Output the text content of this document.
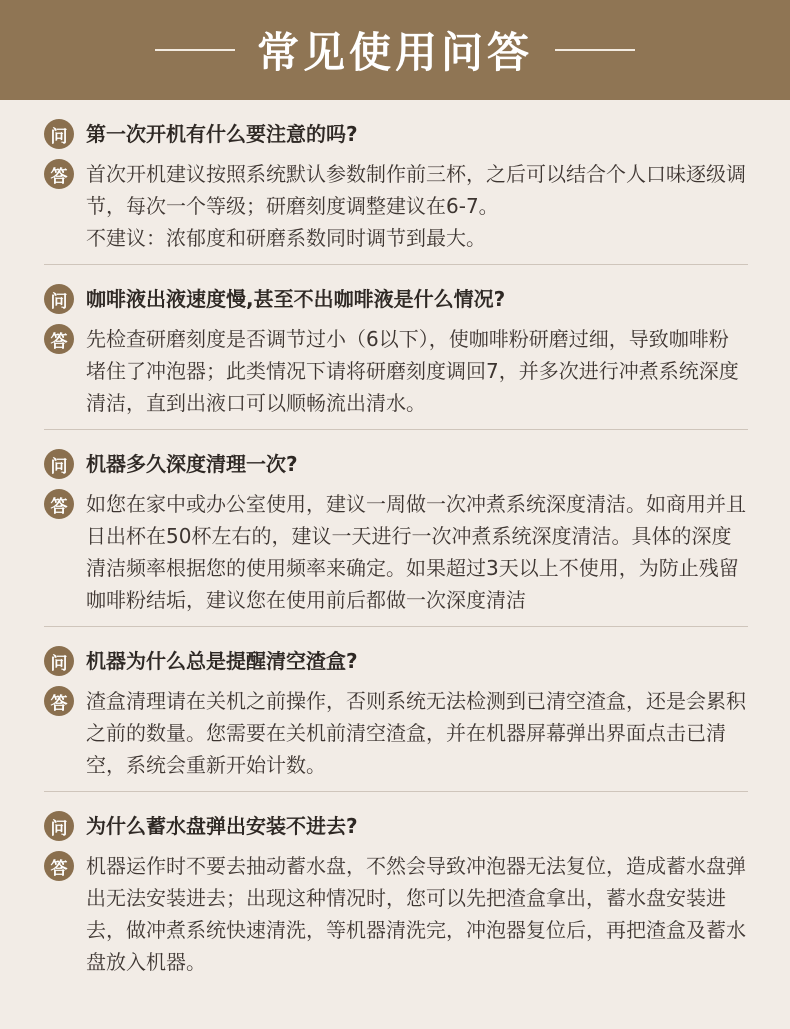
常见使用问答
问 第一次开机有什么要注意的吗?
答 首次开机建议按照系统默认参数制作前三杯，之后可以结合个人口味逐级调节，每次一个等级；研磨刻度调整建议在6-7。

不建议：浓郁度和研磨系数同时调节到最大。

问 咖啡液出液速度慢,甚至不出咖啡液是什么情况?
答 先检查研磨刻度是否调节过小（6以下），使咖啡粉研磨过细，导致咖啡粉堵住了冲泡器；此类情况下请将研磨刻度调回7，并多次进行冲煮系统深度清洁，直到出液口可以顺畅流出清水。

问 机器多久深度清理一次?
答 如您在家中或办公室使用，建议一周做一次冲煮系统深度清洁。如商用并且日出杯在50杯左右的，建议一天进行一次冲煮系统深度清洁。具体的深度清洁频率根据您的使用频率来确定。如果超过3天以上不使用，为防止残留咖啡粉结垢，建议您在使用前后都做一次深度清洁

问 机器为什么总是提醒清空渣盒?
答 渣盒清理请在关机之前操作，否则系统无法检测到已清空渣盒，还是会累积之前的数量。您需要在关机前清空渣盒，并在机器屏幕弹出界面点击已清空，系统会重新开始计数。

问 为什么蓄水盘弹出安装不进去?
答 机器运作时不要去抽动蓄水盘，不然会导致冲泡器无法复位，造成蓄水盘弹出无法安装进去；出现这种情况时，您可以先把渣盒拿出，蓄水盘安装进去，做冲煮系统快速清洗，等机器清洗完，冲泡器复位后，再把渣盒及蓄水盘放入机器。
